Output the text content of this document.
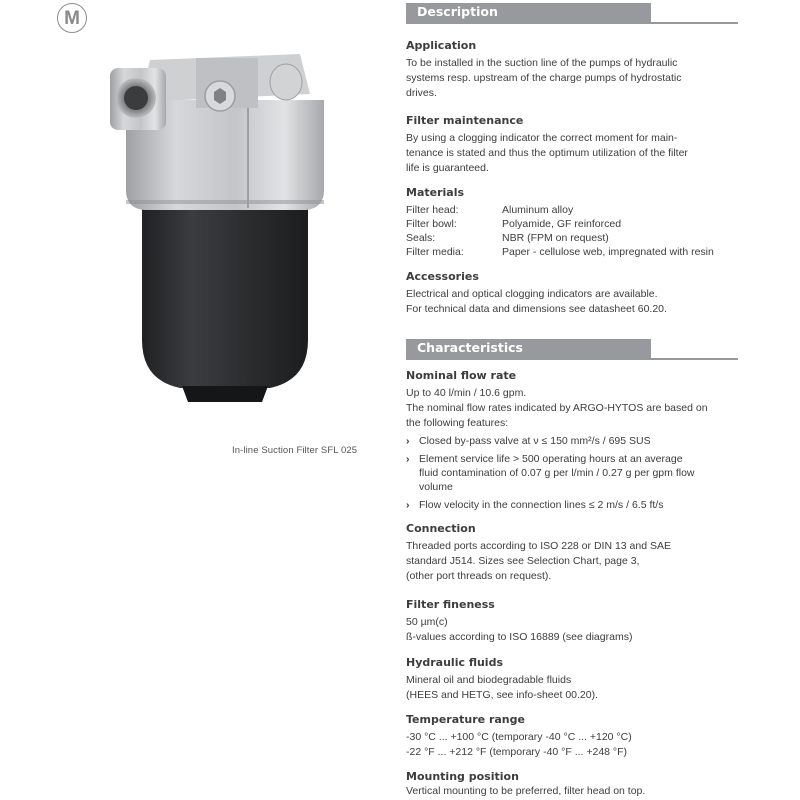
M
In-line Suction Filter SFL 025
Description

Application

To be installed in the suction line of the pumps of hydraulic

systems resp. upstream of the charge pumps of hydrostatic

drives.

Filter maintenance

By using a clogging indicator the correct moment for main-

tenance is stated and thus the optimum utilization of the filter

life is guaranteed.

Materials

Filter head:	Aluminum alloy
Filter bowl:	Polyamide, GF reinforced
Seals:	NBR (FPM on request)
Filter media:	Paper - cellulose web, impregnated with resin

Accessories

Electrical and optical clogging indicators are available.

For technical data and dimensions see datasheet 60.20.

Characteristics

Nominal flow rate

Up to 40 l/min / 10.6 gpm.

The nominal flow rates indicated by ARGO-HYTOS are based on

the following features:

› Closed by-pass valve at ν ≤ 150 mm²/s / 695 SUS
› Element service life > 500 operating hours at an average
fluid contamination of 0.07 g per l/min / 0.27 g per gpm flow
volume
› Flow velocity in the connection lines ≤ 2 m/s / 6.5 ft/s

Connection

Threaded ports according to ISO 228 or DIN 13 and SAE

standard J514. Sizes see Selection Chart, page 3,

(other port threads on request).

Filter fineness

50 µm(c)

ß-values according to ISO 16889 (see diagrams)

Hydraulic fluids

Mineral oil and biodegradable fluids

(HEES and HETG, see info-sheet 00.20).

Temperature range

-30 °C ... +100 °C (temporary -40 °C ... +120 °C)

-22 °F ... +212 °F (temporary -40 °F ... +248 °F)

Mounting position

Vertical mounting to be preferred, filter head on top.
